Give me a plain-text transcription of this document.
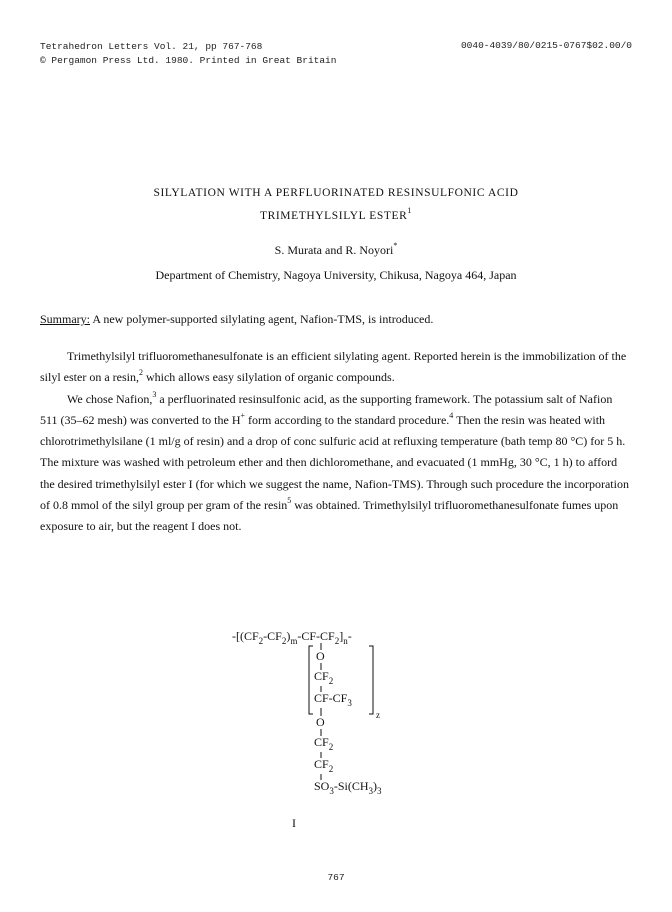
Tetrahedron Letters Vol. 21, pp 767-768
© Pergamon Press Ltd. 1980. Printed in Great Britain
0040-4039/80/0215-0767$02.00/0
SILYLATION WITH A PERFLUORINATED RESINSULFONIC ACID
TRIMETHYLSILYL ESTER$^1$
S. Murata and R. Noyori*
Department of Chemistry, Nagoya University, Chikusa, Nagoya 464, Japan
Summary: A new polymer-supported silylating agent, Nafion-TMS, is introduced.

Trimethylsilyl trifluoromethanesulfonate is an efficient silylating agent. Reported herein is the immobilization of the silyl ester on a resin,$^2$ which allows easy silylation of organic compounds.

We chose Nafion,$^3$ a perfluorinated resinsulfonic acid, as the supporting framework. The potassium salt of Nafion 511 (35–62 mesh) was converted to the H+ form according to the standard procedure.$^4$ Then the resin was heated with chlorotrimethylsilane (1 ml/g of resin) and a drop of conc sulfuric acid at refluxing temperature (bath temp 80 °C) for 5 h. The mixture was washed with petroleum ether and then dichloromethane, and evacuated (1 mmHg, 30 °C, 1 h) to afford the desired trimethylsilyl ester I (for which we suggest the name, Nafion-TMS). Through such procedure the incorporation of 0.8 mmol of the silyl group per gram of the resin$^5$ was obtained. Trimethylsilyl trifluoromethanesulfonate fumes upon exposure to air, but the reagent I does not.

$-[(CF_2-CF_2)_m-CF-CF_2]_n-$
O
$CF_2$
$CF-CF_3$
z
O
$CF_2$
$CF_2$
$SO_3-Si(CH_3)_3$
I
767
